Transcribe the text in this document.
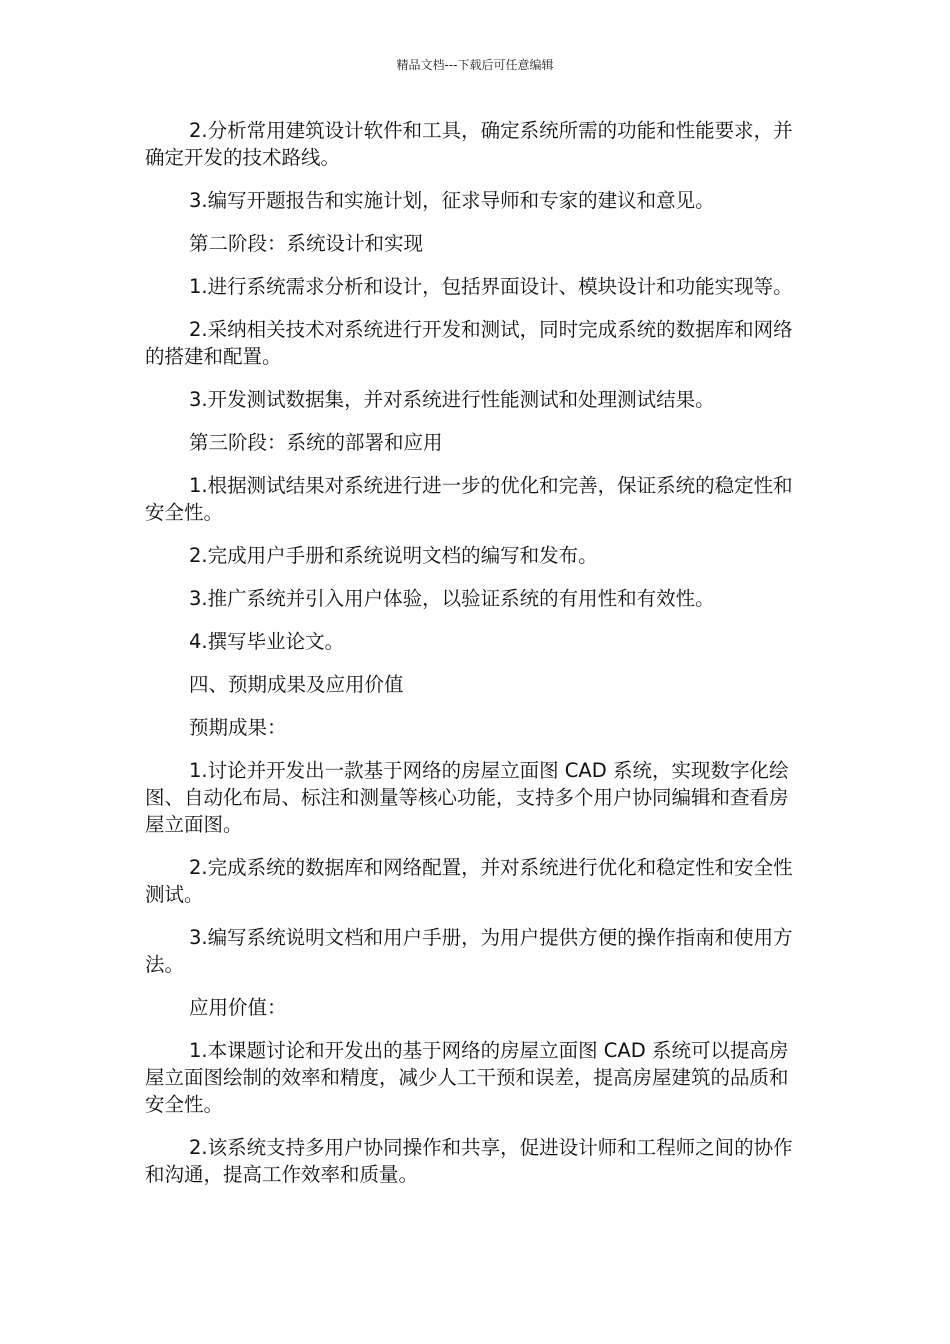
精品文档---下载后可任意编辑

2.分析常用建筑设计软件和工具，确定系统所需的功能和性能要求，并确定开发的技术路线。

3.编写开题报告和实施计划，征求导师和专家的建议和意见。

第二阶段：系统设计和实现

1.进行系统需求分析和设计，包括界面设计、模块设计和功能实现等。

2.采纳相关技术对系统进行开发和测试，同时完成系统的数据库和网络的搭建和配置。

3.开发测试数据集，并对系统进行性能测试和处理测试结果。

第三阶段：系统的部署和应用

1.根据测试结果对系统进行进一步的优化和完善，保证系统的稳定性和安全性。

2.完成用户手册和系统说明文档的编写和发布。

3.推广系统并引入用户体验，以验证系统的有用性和有效性。

4.撰写毕业论文。

四、预期成果及应用价值

预期成果：

1.讨论并开发出一款基于网络的房屋立面图 CAD 系统，实现数字化绘图、自动化布局、标注和测量等核心功能，支持多个用户协同编辑和查看房屋立面图。

2.完成系统的数据库和网络配置，并对系统进行优化和稳定性和安全性测试。

3.编写系统说明文档和用户手册，为用户提供方便的操作指南和使用方法。

应用价值：

1.本课题讨论和开发出的基于网络的房屋立面图 CAD 系统可以提高房屋立面图绘制的效率和精度，减少人工干预和误差，提高房屋建筑的品质和安全性。

2.该系统支持多用户协同操作和共享，促进设计师和工程师之间的协作和沟通，提高工作效率和质量。
